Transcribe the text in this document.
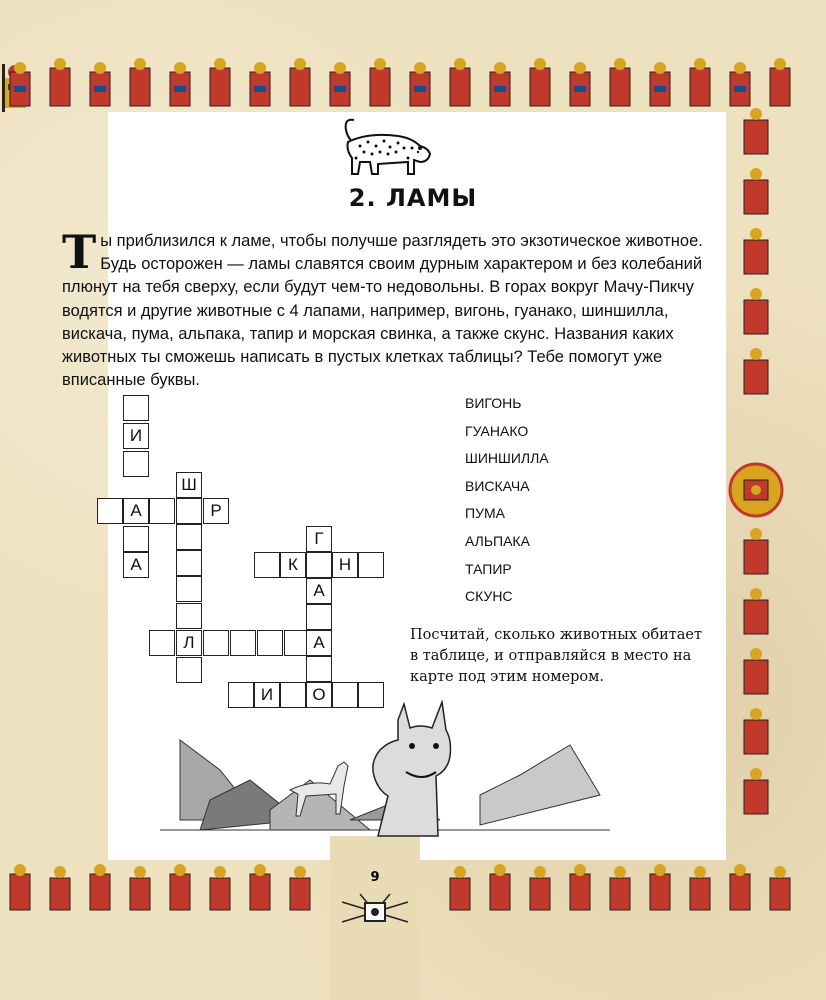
2. ЛАМЫ
Ты приблизился к ламе, чтобы получше разглядеть это экзотическое животное. Будь осторожен — ламы славятся своим дурным характером и без колебаний плюнут на тебя сверху, если будут чем-то недовольны. В горах вокруг Мачу-Пикчу водятся и другие животные с 4 лапами, например, вигонь, гуанако, шиншилла, вискача, пума, альпака, тапир и морская свинка, а также скунс. Названия каких животных ты сможешь написать в пустых клетках таблицы? Тебе помогут уже вписанные буквы.
И
А
А
Р
Ш
Л	А
Г
А
О
К	Н
И
ВИГОНЬ
ГУАНАКО
ШИНШИЛЛА
ВИСКАЧА
ПУМА
АЛЬПАКА
ТАПИР
СКУНС
Посчитай, сколько животных обитает в таблице, и отправляйся в место на карте под этим номером.
9
